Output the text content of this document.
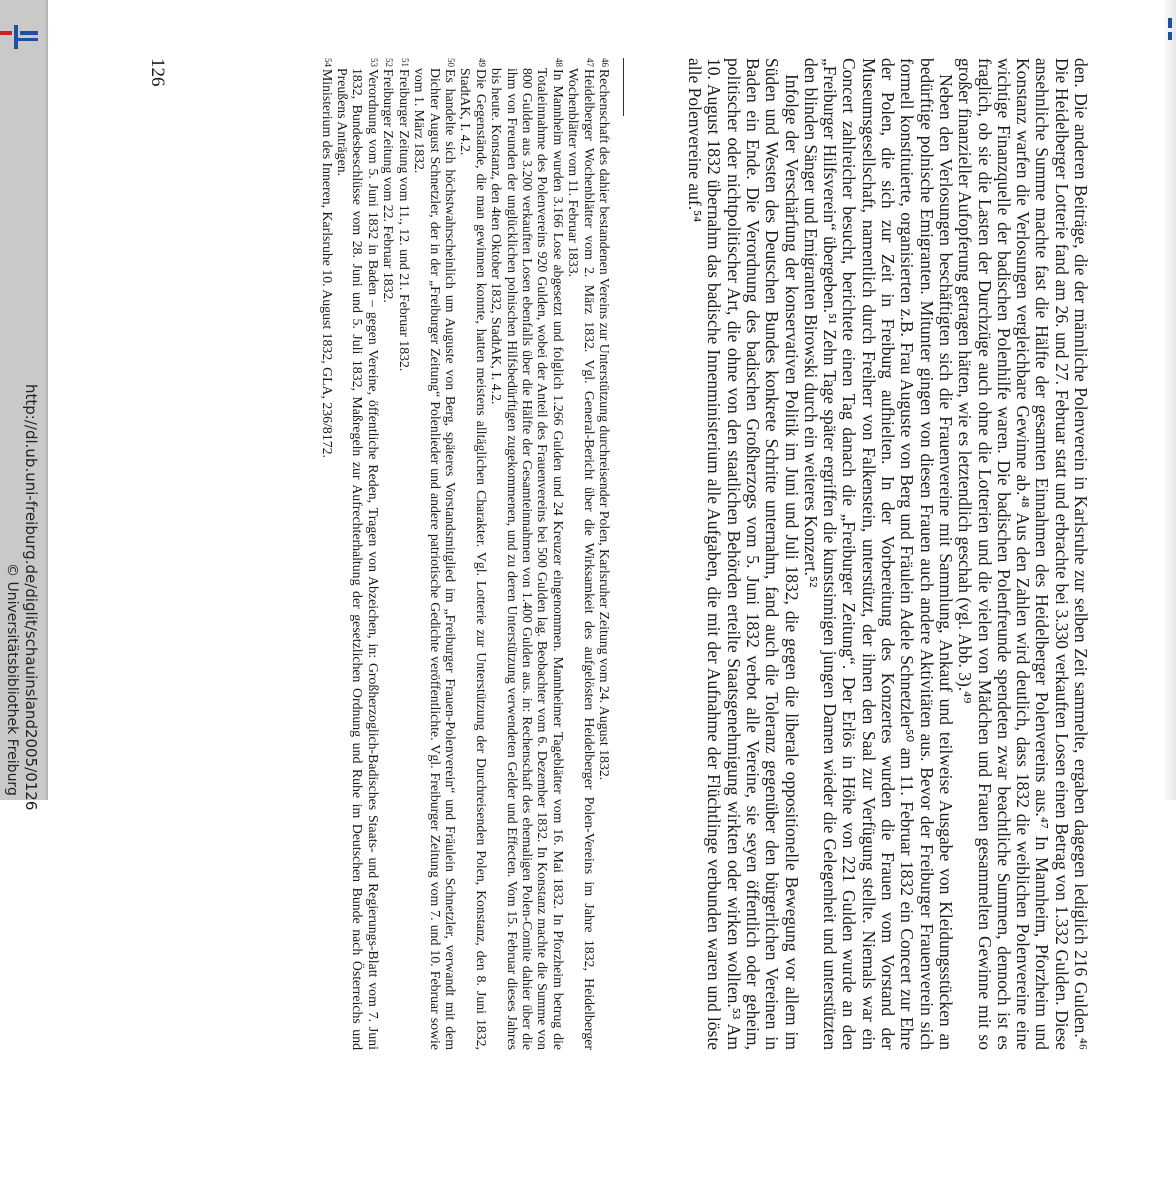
http://dl.ub.uni-freiburg.de/diglit/schauinsland2005/0126
© Universitätsbibliothek Freiburg	den. Die anderen Beiträge, die der männliche Polenverein in Karlsruhe zur selben Zeit sammelte, ergaben dagegen lediglich 216 Gulden.⁴⁶ Die Heidelberger Lotterie fand am 26. und 27. Februar statt und erbrachte bei 3.330 verkauften Losen einen Betrag von 1.332 Gulden. Diese ansehnliche Summe machte fast die Hälfte der gesamten Einnahmen des Heidelberger Polenvereins aus.⁴⁷ In Mannheim, Pforzheim und Konstanz warfen die Verlosungen vergleichbare Gewinne ab.⁴⁸ Aus den Zahlen wird deutlich, dass 1832 die weiblichen Polenvereine eine wichtige Finanzquelle der badischen Polenhilfe waren. Die badischen Polenfreunde spendeten zwar beachtliche Summen, dennoch ist es fraglich, ob sie die Lasten der Durchzüge auch ohne die Lotterien und die vielen von Mädchen und Frauen gesammelten Gewinne mit so großer finanzieller Aufopferung getragen hätten, wie es letztendlich geschah (vgl. Abb. 3).⁴⁹

Neben den Verlosungen beschäftigten sich die Frauenvereine mit Sammlung, Ankauf und teilweise Ausgabe von Kleidungsstücken an bedürftige polnische Emigranten. Mitunter gingen von diesen Frauen auch andere Aktivitäten aus. Bevor der Freiburger Frauenverein sich formell konstituierte, organisierten z.B. Frau Auguste von Berg und Fräulein Adele Schnetzler⁵⁰ am 11. Februar 1832 ein Concert zur Ehre der Polen, die sich zur Zeit in Freiburg aufhielten. In der Vorbereitung des Konzertes wurden die Frauen vom Vorstand der Museumsgesellschaft, namentlich durch Freiherr von Falkenstein, unterstützt, der ihnen den Saal zur Verfügung stellte. Niemals war ein Concert zahlreicher besucht, berichtete einen Tag danach die „Freiburger Zeitung“. Der Erlös in Höhe von 221 Gulden wurde an den „Freiburger Hilfsverein“ übergeben.⁵¹ Zehn Tage später ergriffen die kunstsinnigen jungen Damen wieder die Gelegenheit und unterstützten den blinden Sänger und Emigranten Birowski durch ein weiteres Konzert.⁵²

Infolge der Verschärfung der konservativen Politik im Juni und Juli 1832, die gegen die liberale oppositionelle Bewegung vor allem im Süden und Westen des Deutschen Bundes konkrete Schritte unternahm, fand auch die Toleranz gegenüber den bürgerlichen Vereinen in Baden ein Ende. Die Verordnung des badischen Großherzogs vom 5. Juni 1832 verbot alle Vereine, sie seyen öffentlich oder geheim, politischer oder nichtpolitischer Art, die ohne von den staatlichen Behörden erteilte Staatsgenehmigung wirkten oder wirken wollten.⁵³ Am 10. August 1832 übernahm das badische Innenministerium alle Aufgaben, die mit der Aufnahme der Flüchtlinge verbunden waren und löste alle Polenvereine auf.⁵⁴

$^{46}$Rechenschaft des dahier bestandenen Vereins zur Unterstützung durchreisender Polen, Karlsruher Zeitung vom 24. August 1832.

$^{47}$Heidelberger Wochenblätter vom 2. März 1832. Vgl. General-Bericht über die Wirksamkeit des aufgelösten Heidelberger Polen-Vereins im Jahre 1832, Heidelberger Wochenblätter vom 11. Februar 1833.

$^{48}$In Mannheim wurden 3.166 Lose abgesetzt und folglich 1.266 Gulden und 24 Kreuzer eingenommen. Mannheimer Tageblätter vom 16. Mai 1832. In Pforzheim betrug die Totaleinnahme des Polenvereins 920 Gulden, wobei der Anteil des Frauenvereins bei 500 Gulden lag. Beobachter vom 6. Dezember 1832. In Konstanz machte die Summe von 800 Gulden aus 3.200 verkauften Losen ebenfalls über die Hälfte der Gesamteinnahmen von 1.400 Gulden aus. in: Rechenschaft des ehemaligen Polen-Comite dahier über die ihm von Freunden der unglücklichen polnischen Hilfsbedürftigen zugekommenen, und zu deren Unterstützung verwendeten Gelder und Effecten. Vom 15. Februar dieses Jahres bis heute. Konstanz, den 4ten Oktober 1832, StadtAK, I. 4.2.

$^{49}$Die Gegenstände, die man gewinnen konnte, hatten meistens alltäglichen Charakter. Vgl. Lotterie zur Unterstützung der Durchreisenden Polen, Konstanz, den 8. Juni 1832, StadtAK, I. 4.2.

$^{50}$Es handelte sich höchstwahrscheinlich um Auguste von Berg, späteres Vorstandsmitglied im „Freiburger Frauen-Polenverein“ und Fräulein Schnetzler, verwandt mit dem Dichter August Schnetzler, der in der „Freiburger Zeitung“ Polenlieder und andere patriotische Gedichte veröffentlichte. Vgl. Freiburger Zeitung vom 7. und 10. Februar sowie vom 1. März 1832.

$^{51}$Freiburger Zeitung vom 11., 12. und 21. Februar 1832.

$^{52}$Freiburger Zeitung vom 22. Februar 1832.

$^{53}$Verordnung vom 5. Juni 1832 in Baden – gegen Vereine, öffentliche Reden, Tragen von Abzeichen, in: Großherzoglich-Badisches Staats- und Regierungs-Blatt vom 7. Juni 1832, Bundesbeschlüsse vom 28. Juni und 5. Juli 1832, Maßregeln zur Aufrechterhaltung der gesetzlichen Ordnung und Ruhe im Deutschen Bunde nach Österreichs und Preußens Anträgen.

$^{54}$Ministerium des Inneren, Karlsruhe 10. August 1832, GLA, 236/8172.

126
